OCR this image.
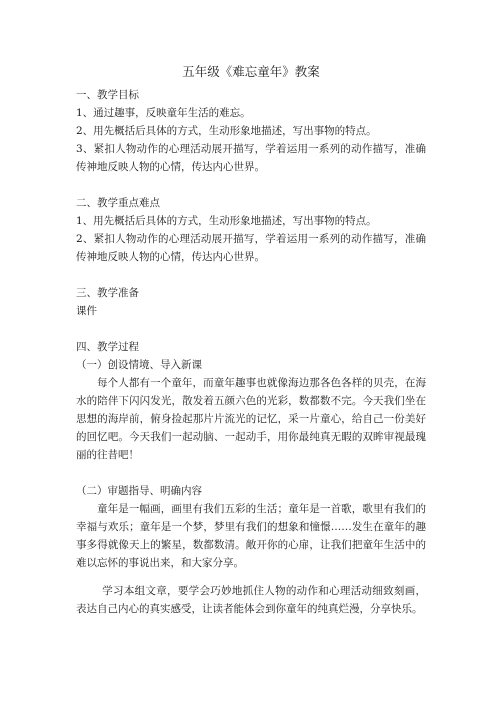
五年级《难忘童年》教案

一、教学目标

1、通过趣事，反映童年生活的难忘。

2、用先概括后具体的方式，生动形象地描述，写出事物的特点。

3、紧扣人物动作的心理活动展开描写，学着运用一系列的动作描写，准确传神地反映人物的心情，传达内心世界。

二、教学重点难点

1、用先概括后具体的方式，生动形象地描述，写出事物的特点。

2、紧扣人物动作的心理活动展开描写，学着运用一系列的动作描写，准确传神地反映人物的心情，传达内心世界。

三、教学准备

课件

四、教学过程

（一）创设情境、导入新课

每个人都有一个童年，而童年趣事也就像海边那各色各样的贝壳，在海水的陪伴下闪闪发光，散发着五颜六色的光彩，数都数不完。今天我们坐在思想的海岸前，俯身捡起那片片流光的记忆，采一片童心，给自己一份美好的回忆吧。今天我们一起动脑、一起动手，用你最纯真无暇的双眸审视最瑰丽的往昔吧！

（二）审题指导、明确内容

童年是一幅画，画里有我们五彩的生活；童年是一首歌，歌里有我们的幸福与欢乐；童年是一个梦，梦里有我们的想象和憧憬……发生在童年的趣事多得就像天上的繁星，数都数清。敞开你的心扉，让我们把童年生活中的难以忘怀的事说出来，和大家分享。

学习本组文章，要学会巧妙地抓住人物的动作和心理活动细致刻画，表达自己内心的真实感受，让读者能体会到你童年的纯真烂漫，分享快乐。
